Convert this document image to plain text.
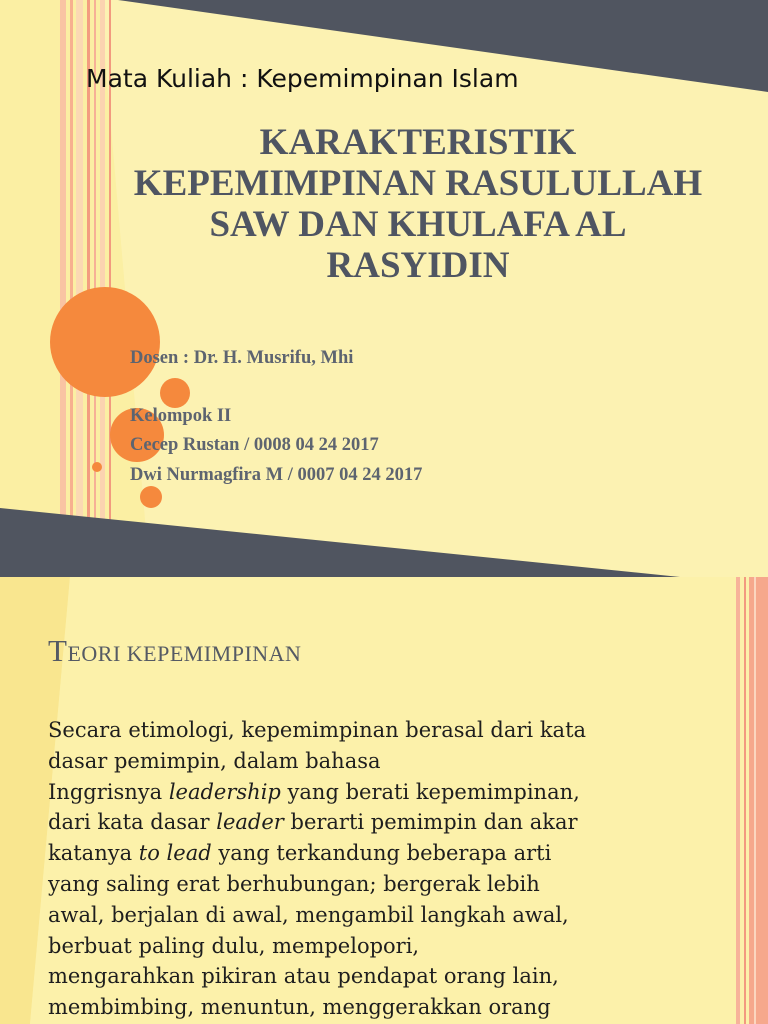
Mata Kuliah : Kepemimpinan Islam
KARAKTERISTIK
KEPEMIMPINAN RASULULLAH
SAW DAN KHULAFA AL
RASYIDIN
Dosen : Dr. H. Musrifu, Mhi
Kelompok II
Cecep Rustan / 0008 04 24 2017
Dwi Nurmagfira M / 0007 04 24 2017
TEORI KEPEMIMPINAN
Secara etimologi, kepemimpinan berasal dari kata
dasar pemimpin, dalam bahasa
Inggrisnya leadership yang berati kepemimpinan,
dari kata dasar leader berarti pemimpin dan akar
katanya to lead yang terkandung beberapa arti
yang saling erat berhubungan; bergerak lebih
awal, berjalan di awal, mengambil langkah awal,
berbuat paling dulu, mempelopori,
mengarahkan pikiran atau pendapat orang lain,
membimbing, menuntun, menggerakkan orang
